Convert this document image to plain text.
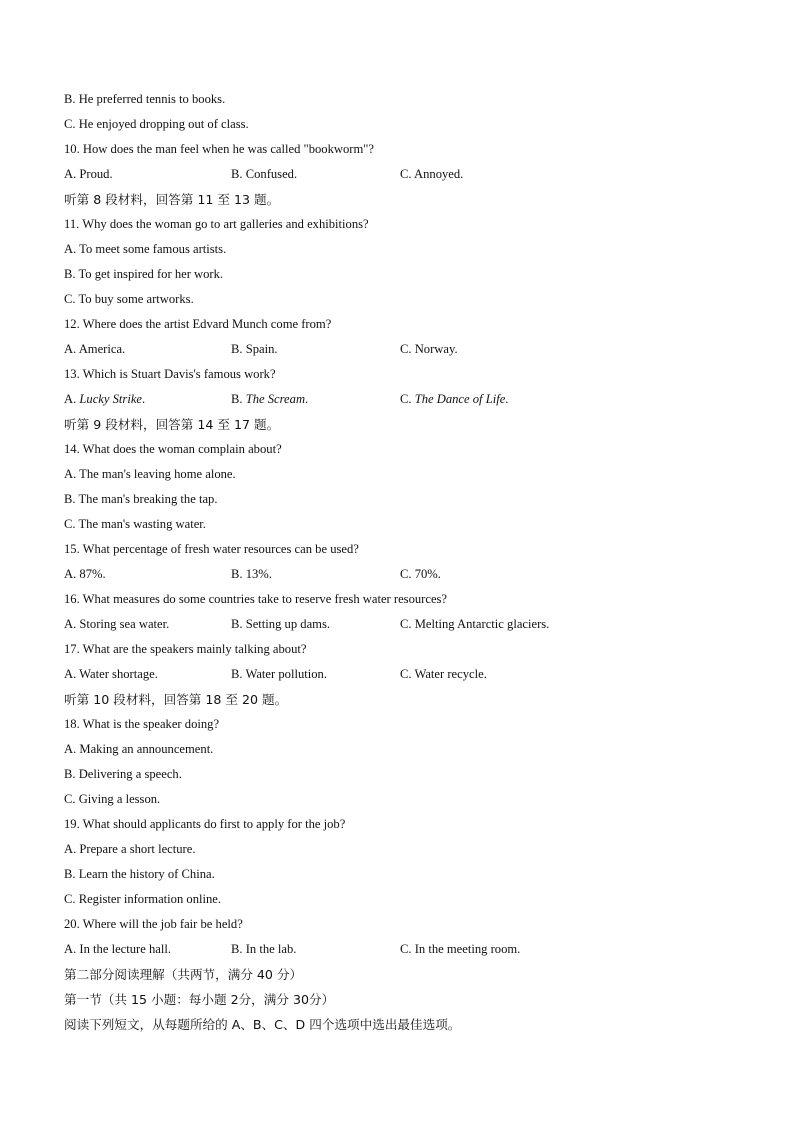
B. He preferred tennis to books.
C. He enjoyed dropping out of class.
10. How does the man feel when he was called "bookworm"?
A. Proud.	B. Confused.	C. Annoyed.
听第 8 段材料，回答第 11 至 13 题。
11. Why does the woman go to art galleries and exhibitions?
A. To meet some famous artists.
B. To get inspired for her work.
C. To buy some artworks.
12. Where does the artist Edvard Munch come from?
A. America.	B. Spain.	C. Norway.
13. Which is Stuart Davis's famous work?
A. Lucky Strike.	B. The Scream.	C. The Dance of Life.
听第 9 段材料，回答第 14 至 17 题。
14. What does the woman complain about?
A. The man's leaving home alone.
B. The man's breaking the tap.
C. The man's wasting water.
15. What percentage of fresh water resources can be used?
A. 87%.	B. 13%.	C. 70%.
16. What measures do some countries take to reserve fresh water resources?
A. Storing sea water.	B. Setting up dams.	C. Melting Antarctic glaciers.
17. What are the speakers mainly talking about?
A. Water shortage.	B. Water pollution.	C. Water recycle.
听第 10 段材料，回答第 18 至 20 题。
18. What is the speaker doing?
A. Making an announcement.
B. Delivering a speech.
C. Giving a lesson.
19. What should applicants do first to apply for the job?
A. Prepare a short lecture.
B. Learn the history of China.
C. Register information online.
20. Where will the job fair be held?
A. In the lecture hall.	B. In the lab.	C. In the meeting room.
第二部分阅读理解（共两节，满分 40 分）
第一节（共 15 小题：每小题 2分，满分 30分）
阅读下列短文，从每题所给的 A、B、C、D 四个选项中选出最佳选项。
